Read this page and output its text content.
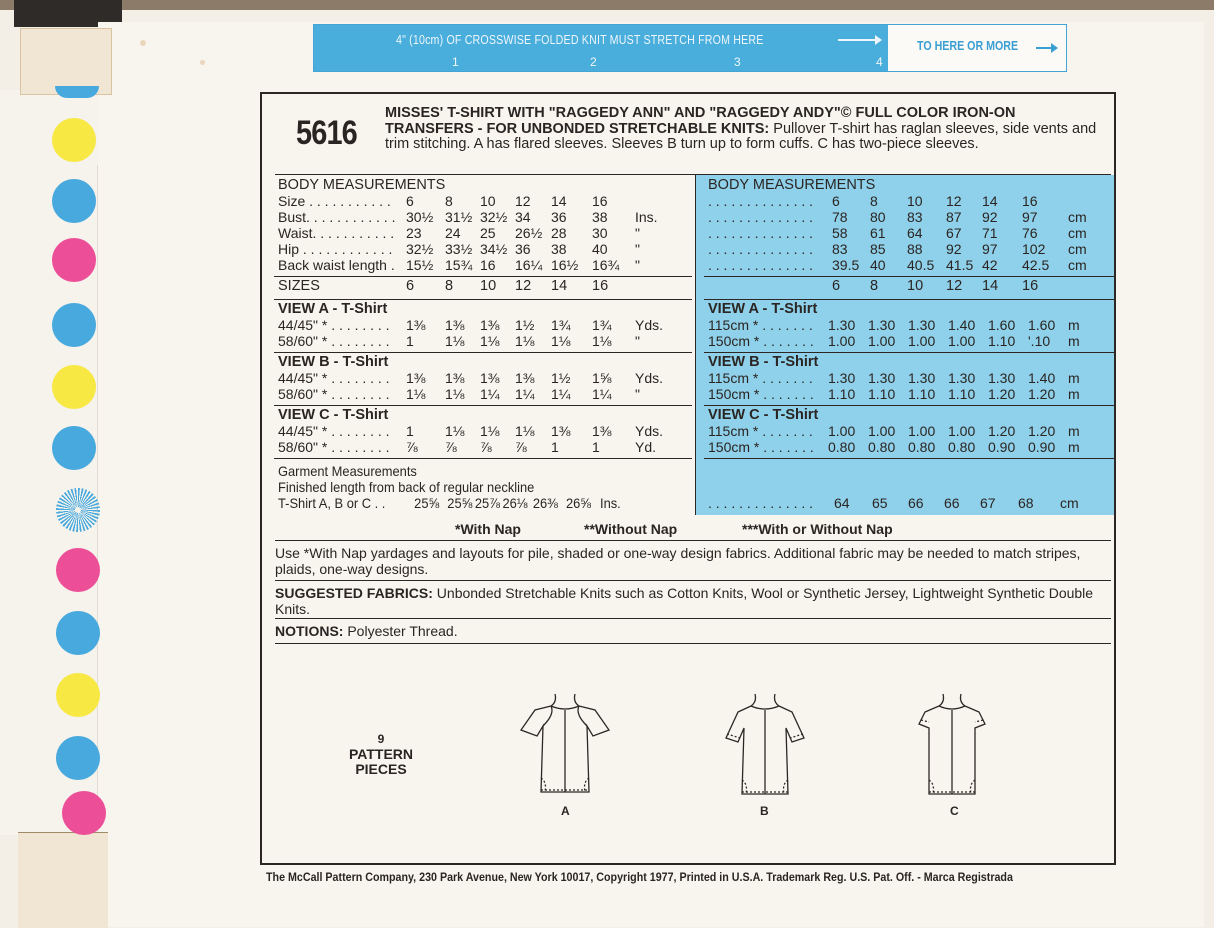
4" (10cm) OF CROSSWISE FOLDED KNIT MUST STRETCH FROM HERE
1	2	3	4
TO HERE OR MORE
5616
MISSES' T-SHIRT WITH "RAGGEDY ANN" AND "RAGGEDY ANDY"© FULL COLOR IRON-ON TRANSFERS - FOR UNBONDED STRETCHABLE KNITS: Pullover T-shirt has raglan sleeves, side vents and trim stitching. A has flared sleeves. Sleeves B turn up to form cuffs. C has two-piece sleeves.
BODY MEASUREMENTS
Size . . . . . . . . . . . 6 8 10 12 14 16
Bust. . . . . . . . . . . . 30½ 31½ 32½ 34 36 38 Ins.
Waist. . . . . . . . . . . 23 24 25 26½ 28 30 "
Hip . . . . . . . . . . . . 32½ 33½ 34½ 36 38 40 "
Back waist length . 15½ 15¾ 16 16¼ 16½ 16¾ "
SIZES	6 8 10 12 14 16
VIEW A - T-Shirt
44/45" * . . . . . . . . 1⅜ 1⅜ 1⅜ 1½ 1¾ 1¾ Yds.
58/60" * . . . . . . . . 1 1⅛ 1⅛ 1⅛ 1⅛ 1⅛ "
VIEW B - T-Shirt
44/45" * . . . . . . . . 1⅜ 1⅜ 1⅜ 1⅜ 1½ 1⅝ Yds.
58/60" * . . . . . . . . 1⅛ 1⅛ 1¼ 1¼ 1¼ 1¼ "
VIEW C - T-Shirt
44/45" * . . . . . . . . 1 1⅛ 1⅛ 1⅛ 1⅜ 1⅜ Yds.
58/60" * . . . . . . . . ⅞ ⅞ ⅞ ⅞ 1 1	Yd.
Garment Measurements
Finished length from back of regular neckline
T-Shirt A, B or C . . 25⅝ 25⅝ 25⅞ 26⅛ 26⅜ 26⅝ Ins.
BODY MEASUREMENTS
. . . . . . . . . . . . . . 6 8 10 12 14 16
. . . . . . . . . . . . . . 78 80 83 87 92 97 cm
. . . . . . . . . . . . . . 58 61 64 67 71 76 cm
. . . . . . . . . . . . . . 83 85 88 92 97 102 cm
. . . . . . . . . . . . . . 39.5 40 40.5 41.5 42 42.5 cm
6 8 10 12 14 16
VIEW A - T-Shirt
115cm * . . . . . . . 1.30 1.30 1.30 1.40 1.60 1.60 m
150cm * . . . . . . . 1.00 1.00 1.00 1.00 1.10 '.10 m
VIEW B - T-Shirt
115cm * . . . . . . . 1.30 1.30 1.30 1.30 1.30 1.40 m
150cm * . . . . . . . 1.10 1.10 1.10 1.10 1.20 1.20 m
VIEW C - T-Shirt
115cm * . . . . . . . 1.00 1.00 1.00 1.00 1.20 1.20 m
150cm * . . . . . . . 0.80 0.80 0.80 0.80 0.90 0.90 m
. . . . . . . . . . . . . . 64 65 66 66 67 68 cm
*With Nap	**Without Nap	***With or Without Nap
Use *With Nap yardages and layouts for pile, shaded or one-way design fabrics. Additional fabric may be needed to match stripes, plaids, one-way designs.
SUGGESTED FABRICS: Unbonded Stretchable Knits such as Cotton Knits, Wool or Synthetic Jersey, Lightweight Synthetic Double Knits.
NOTIONS: Polyester Thread.
9
PATTERN
PIECES
A	B	C
The McCall Pattern Company, 230 Park Avenue, New York 10017, Copyright 1977, Printed in U.S.A. Trademark Reg. U.S. Pat. Off. - Marca Registrada
